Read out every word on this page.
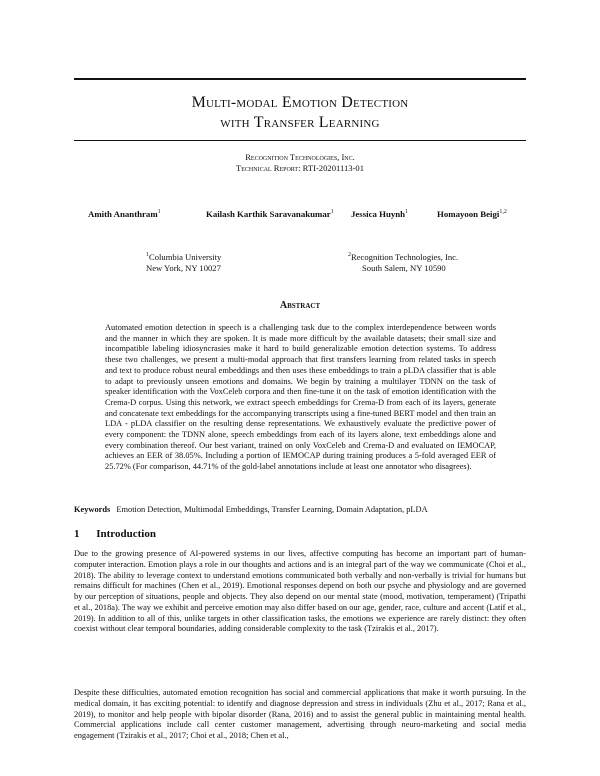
Multi-modal Emotion Detection
with Transfer Learning
Recognition Technologies, Inc.
Technical Report: RTI-20201113-01
Amith Ananthram$^1$	Kailash Karthik Saravanakumar$^1$ Jessica Huynh$^1$	Homayoon Beigi$^{1,2}$
$^1$Columbia University
New York, NY 10027
$^2$Recognition Technologies, Inc.
South Salem, NY 10590
Abstract
Automated emotion detection in speech is a challenging task due to the complex interdependence between words and the manner in which they are spoken. It is made more difficult by the available datasets; their small size and incompatible labeling idiosyncrasies make it hard to build generalizable emotion detection systems. To address these two challenges, we present a multi-modal approach that first transfers learning from related tasks in speech and text to produce robust neural embeddings and then uses these embeddings to train a pLDA classifier that is able to adapt to previously unseen emotions and domains. We begin by training a multilayer TDNN on the task of speaker identification with the VoxCeleb corpora and then fine-tune it on the task of emotion identification with the Crema-D corpus. Using this network, we extract speech embeddings for Crema-D from each of its layers, generate and concatenate text embeddings for the accompanying transcripts using a fine-tuned BERT model and then train an LDA - pLDA classifier on the resulting dense representations. We exhaustively evaluate the predictive power of every component: the TDNN alone, speech embeddings from each of its layers alone, text embeddings alone and every combination thereof. Our best variant, trained on only VoxCeleb and Crema-D and evaluated on IEMOCAP, achieves an EER of 38.05%. Including a portion of IEMOCAP during training produces a 5-fold averaged EER of 25.72% (For comparison, 44.71% of the gold-label annotations include at least one annotator who disagrees).
Keywords Emotion Detection, Multimodal Embeddings, Transfer Learning, Domain Adaptation, pLDA
1 Introduction
Due to the growing presence of AI-powered systems in our lives, affective computing has become an important part of human-computer interaction. Emotion plays a role in our thoughts and actions and is an integral part of the way we communicate (Choi et al., 2018). The ability to leverage context to understand emotions communicated both verbally and non-verbally is trivial for humans but remains difficult for machines (Chen et al., 2019). Emotional responses depend on both our psyche and physiology and are governed by our perception of situations, people and objects. They also depend on our mental state (mood, motivation, temperament) (Tripathi et al., 2018a). The way we exhibit and perceive emotion may also differ based on our age, gender, race, culture and accent (Latif et al., 2019). In addition to all of this, unlike targets in other classification tasks, the emotions we experience are rarely distinct: they often coexist without clear temporal boundaries, adding considerable complexity to the task (Tzirakis et al., 2017).
Despite these difficulties, automated emotion recognition has social and commercial applications that make it worth pursuing. In the medical domain, it has exciting potential: to identify and diagnose depression and stress in individuals (Zhu et al., 2017; Rana et al., 2019), to monitor and help people with bipolar disorder (Rana, 2016) and to assist the general public in maintaining mental health. Commercial applications include call center customer management, advertising through neuro-marketing and social media engagement (Tzirakis et al., 2017; Choi et al., 2018; Chen et al.,
